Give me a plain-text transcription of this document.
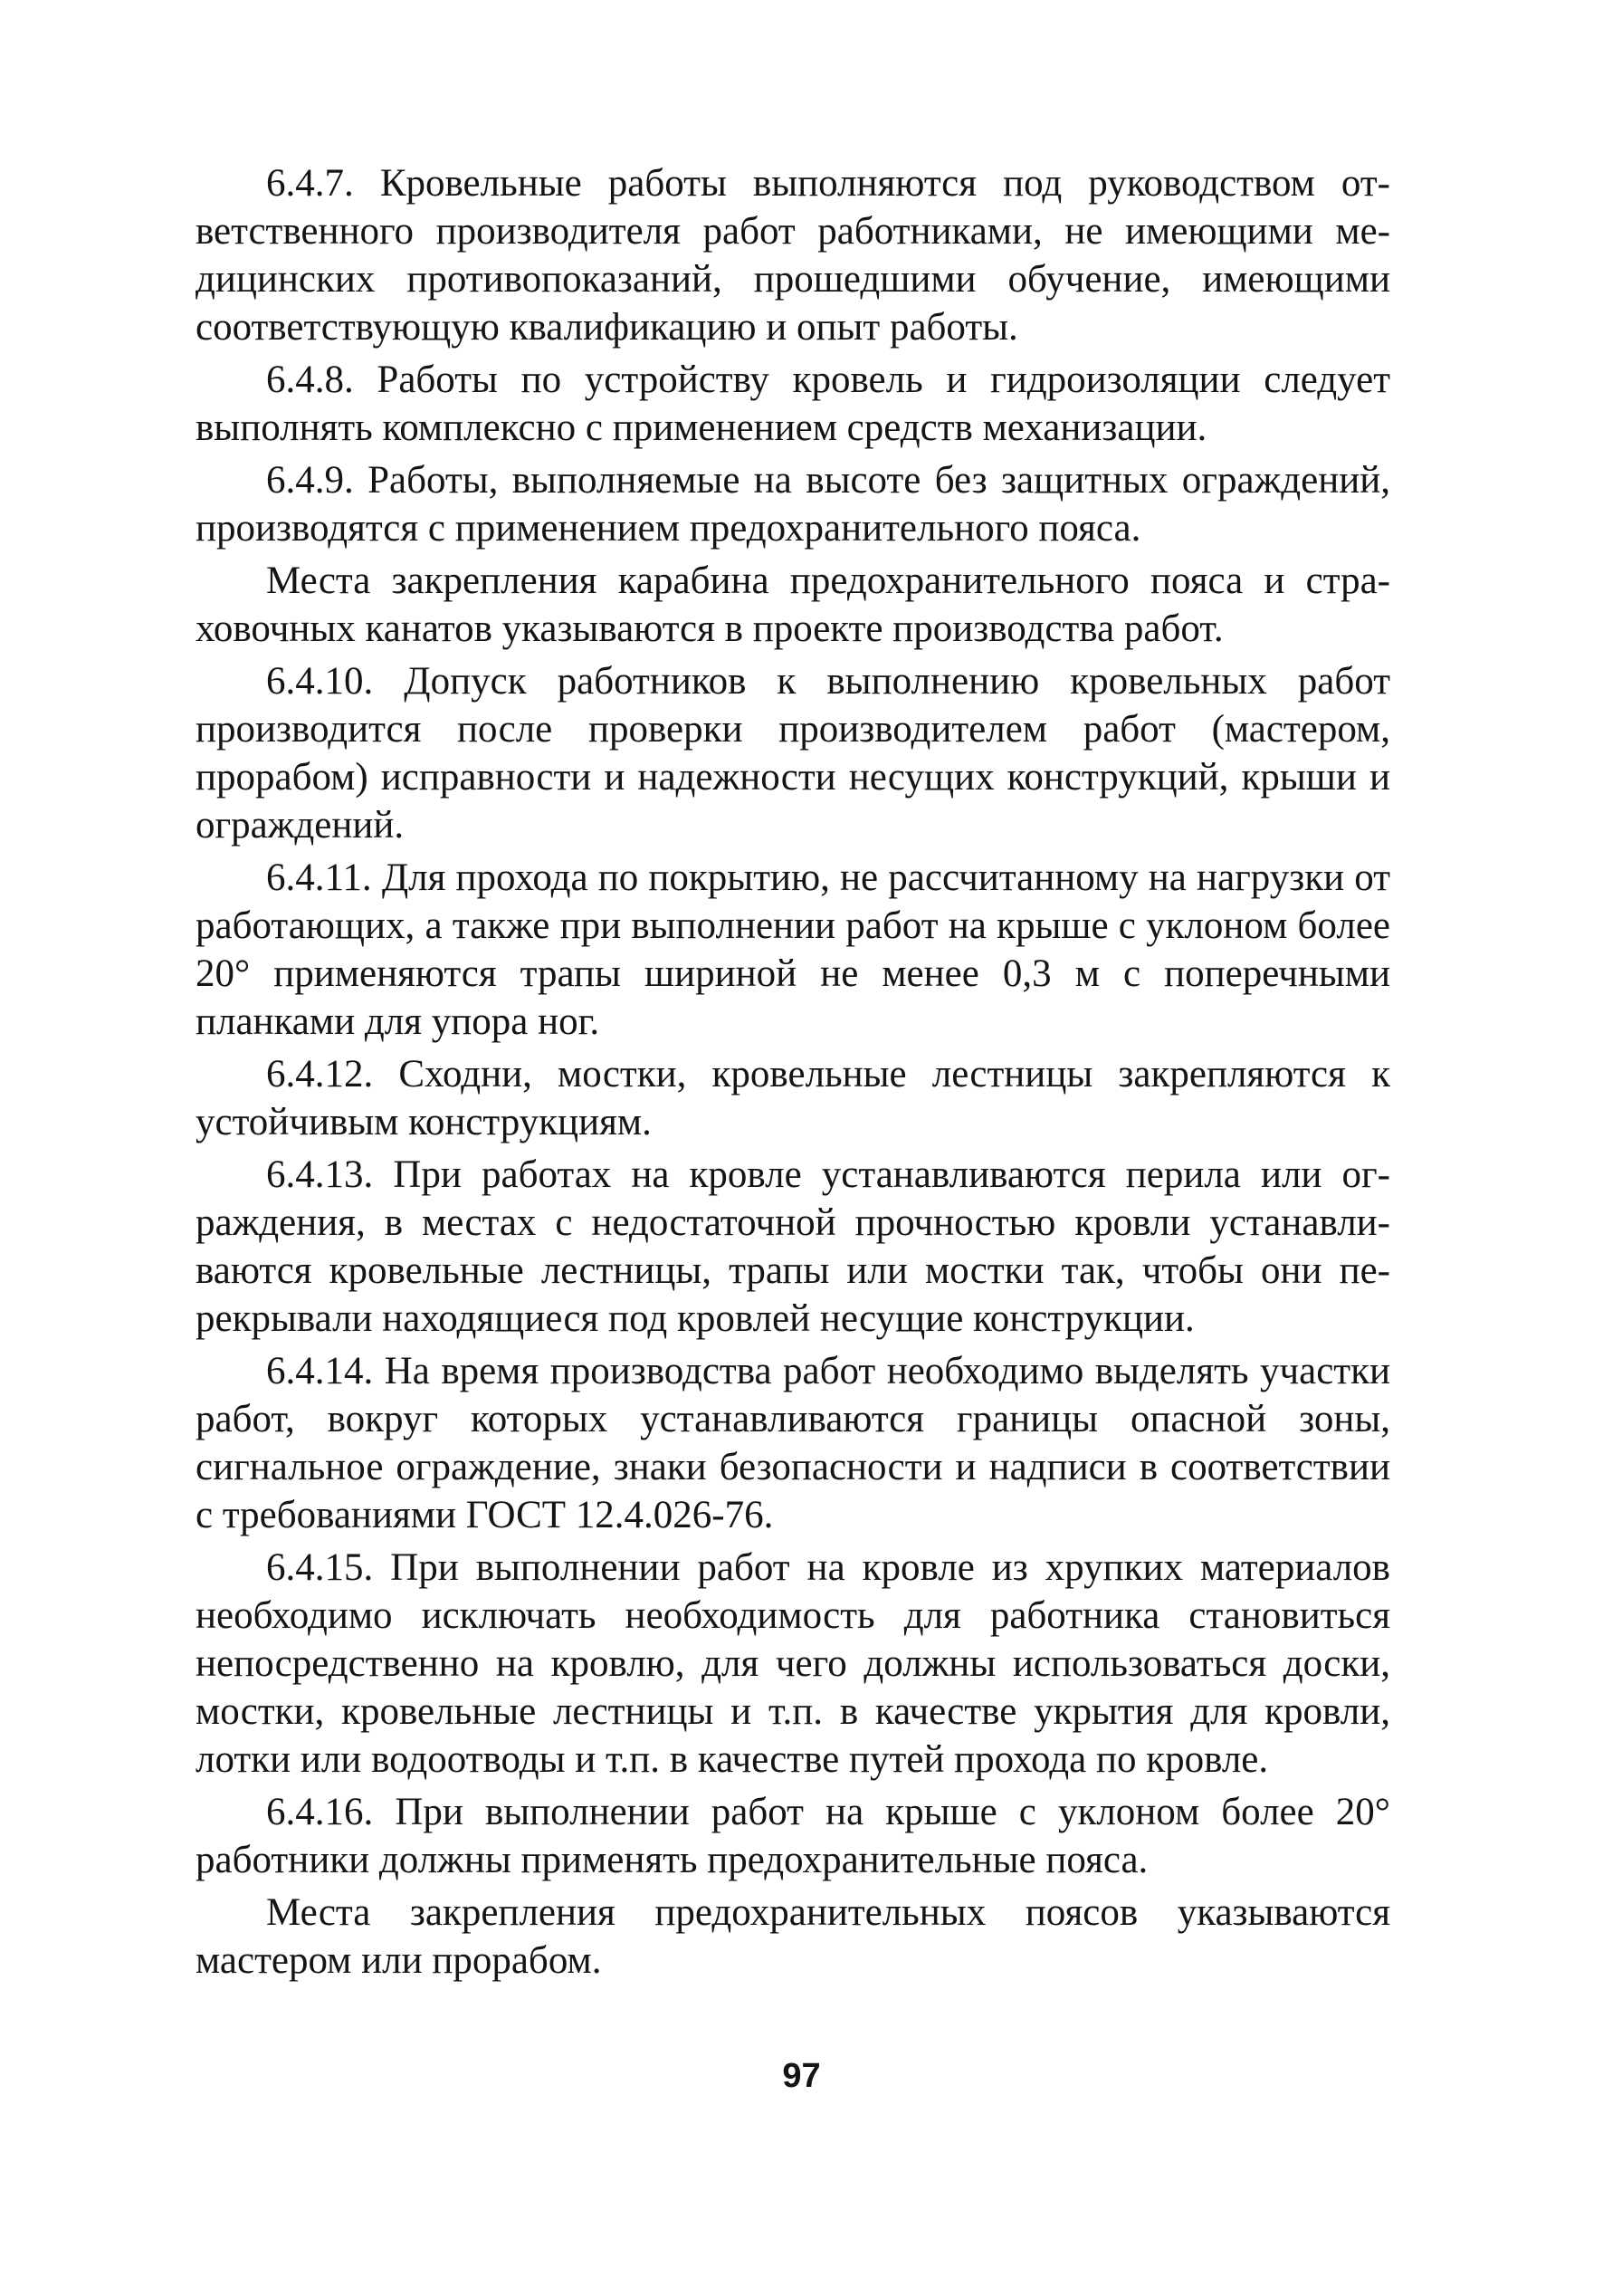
6.4.7. Кровельные работы выполняются под руководством ответственного производителя работ работниками, не имеющими медицинских противопоказаний, прошедшими обучение, имеющими соответствующую квалификацию и опыт работы.

6.4.8. Работы по устройству кровель и гидроизоляции следует выполнять комплексно с применением средств механизации.

6.4.9. Работы, выполняемые на высоте без защитных ограждений, производятся с применением предохранительного пояса.

Места закрепления карабина предохранительного пояса и страховочных канатов указываются в проекте производства работ.

6.4.10. Допуск работников к выполнению кровельных работ производится после проверки производителем работ (мастером, прорабом) исправности и надежности несущих конструкций, крыши и ограждений.

6.4.11. Для прохода по покрытию, не рассчитанному на нагрузки от работающих, а также при выполнении работ на крыше с уклоном более 20° применяются трапы шириной не менее 0,3 м с поперечными планками для упора ног.

6.4.12. Сходни, мостки, кровельные лестницы закрепляются к устойчивым конструкциям.

6.4.13. При работах на кровле устанавливаются перила или ограждения, в местах с недостаточной прочностью кровли устанавливаются кровельные лестницы, трапы или мостки так, чтобы они перекрывали находящиеся под кровлей несущие конструкции.

6.4.14. На время производства работ необходимо выделять участки работ, вокруг которых устанавливаются границы опасной зоны, сигнальное ограждение, знаки безопасности и надписи в соответствии с требованиями ГОСТ 12.4.026-76.

6.4.15. При выполнении работ на кровле из хрупких материалов необходимо исключать необходимость для работника становиться непосредственно на кровлю, для чего должны использоваться доски, мостки, кровельные лестницы и т.п. в качестве укрытия для кровли, лотки или водоотводы и т.п. в качестве путей прохода по кровле.

6.4.16. При выполнении работ на крыше с уклоном более 20° работники должны применять предохранительные пояса.

Места закрепления предохранительных поясов указываются мастером или прорабом.

97
